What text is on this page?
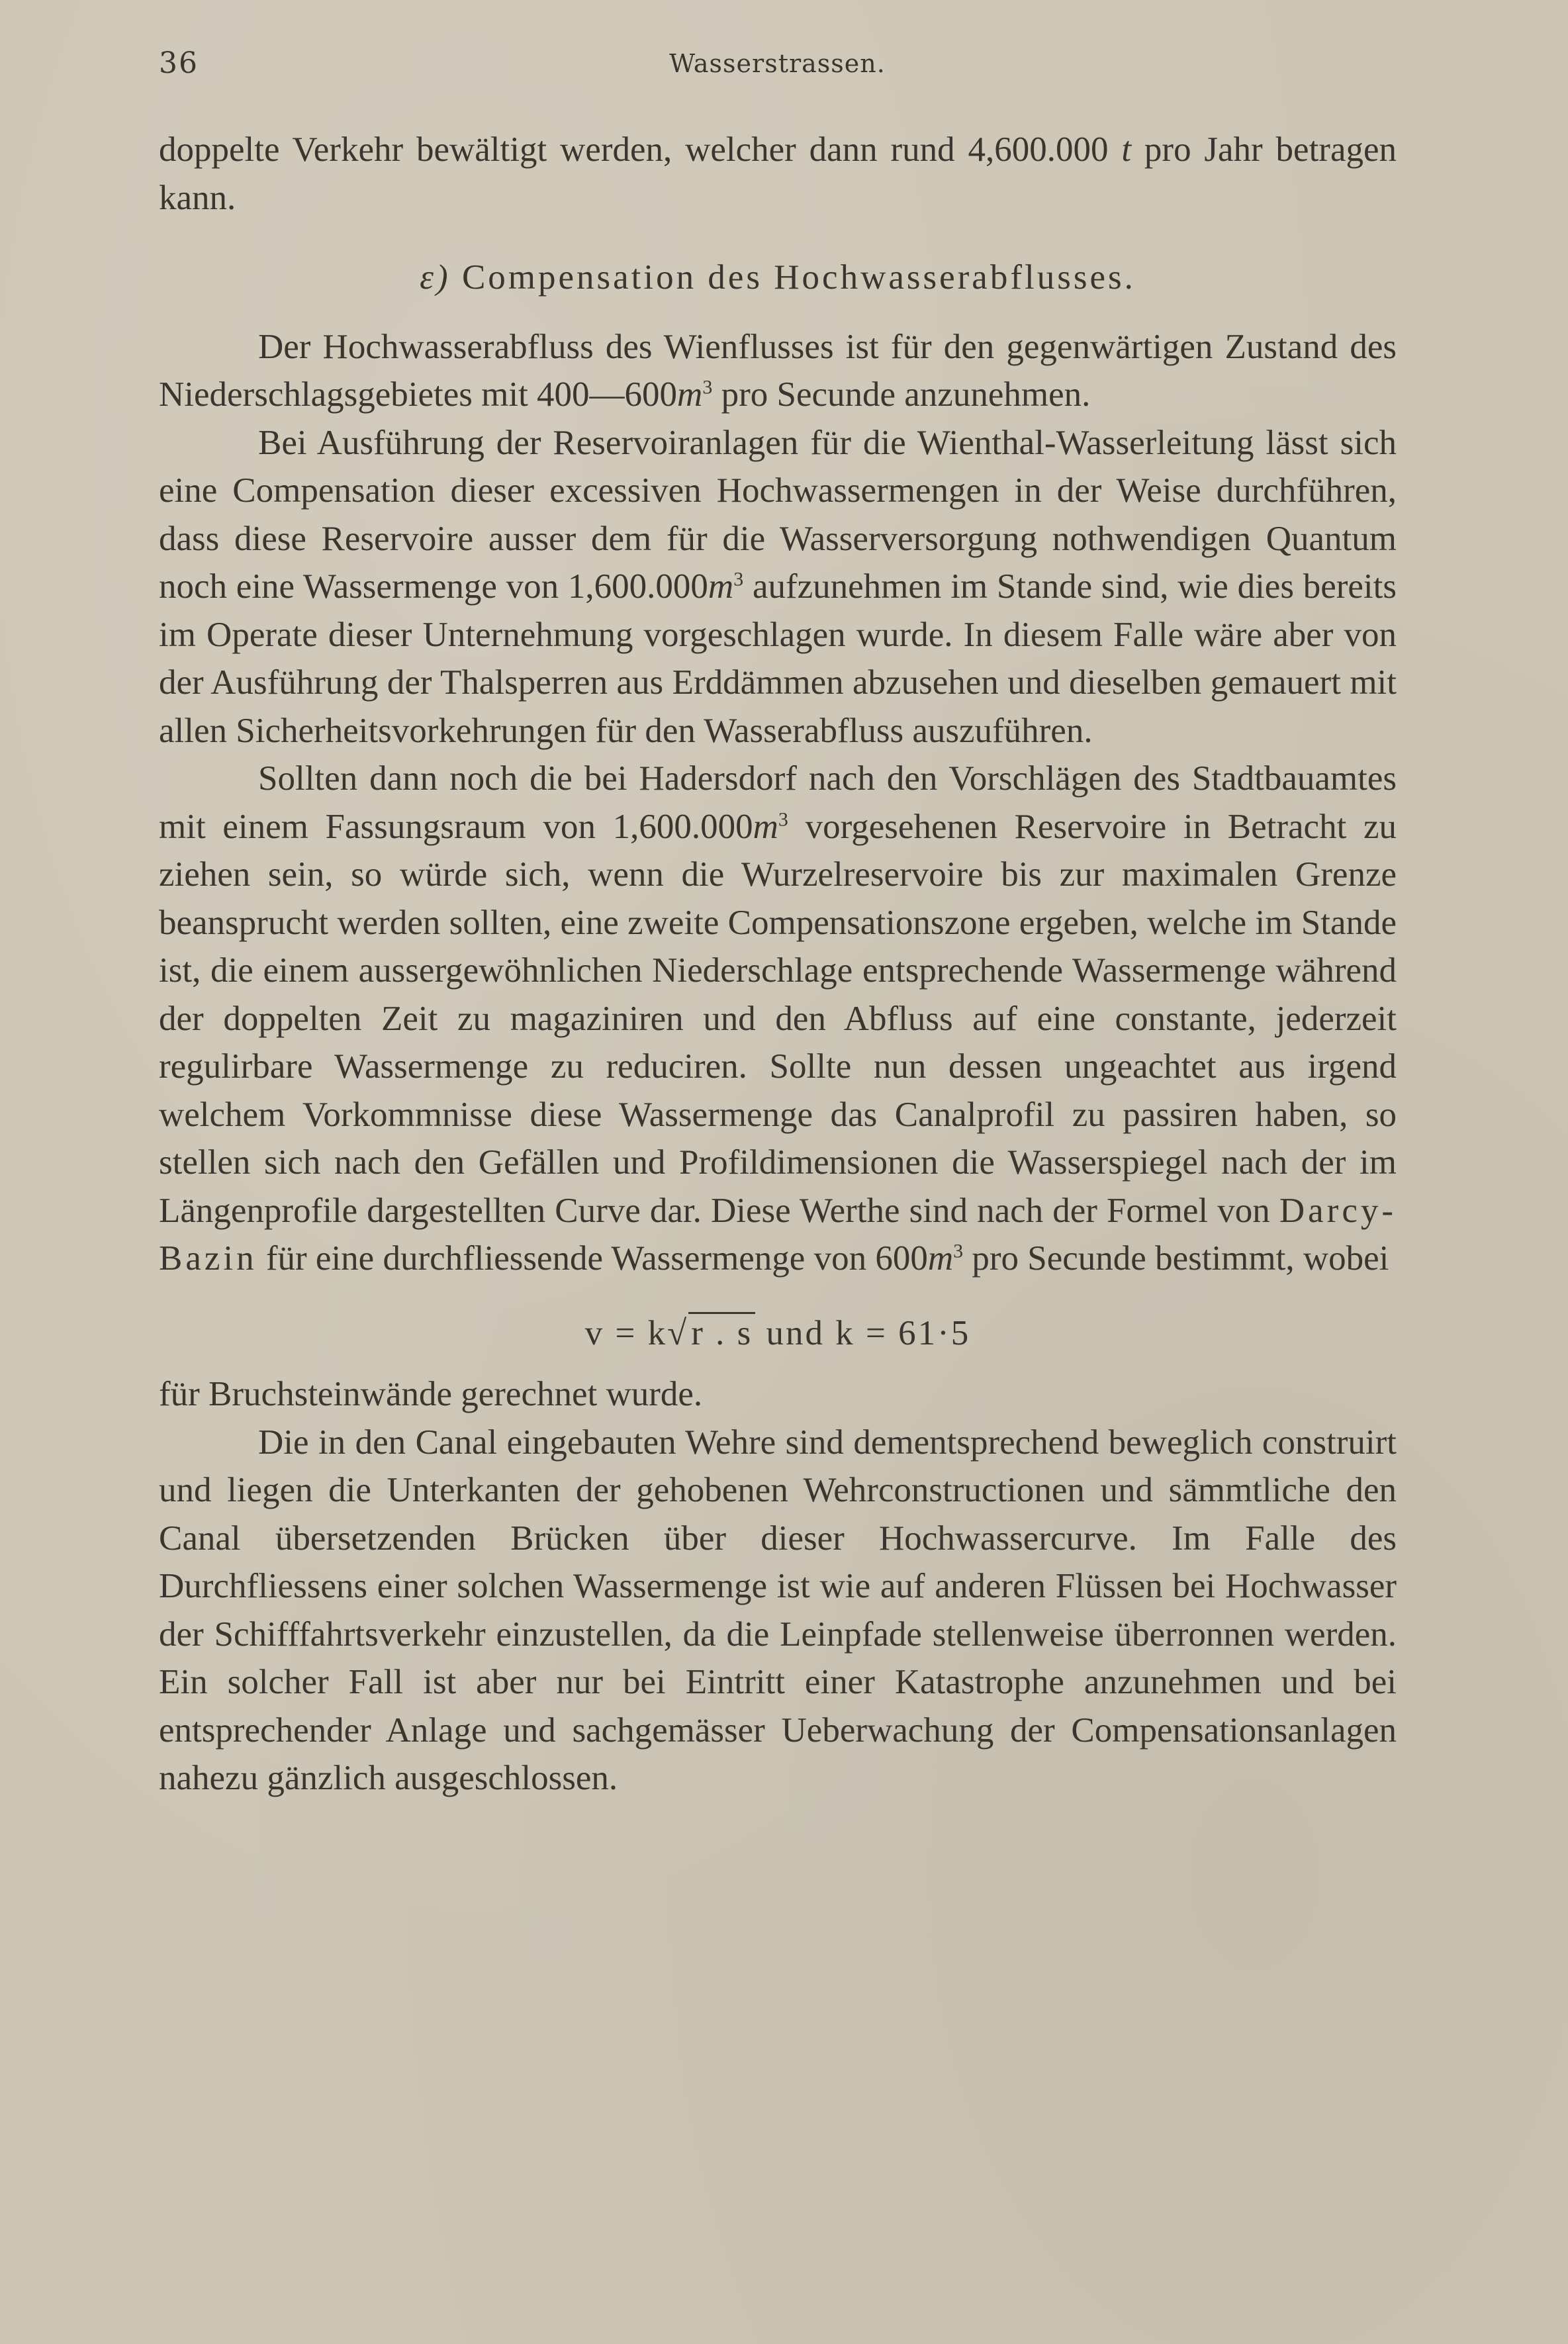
36	Wasserstrassen.

doppelte Verkehr bewältigt werden, welcher dann rund 4,600.000 t pro Jahr betragen kann.

ε) Compensation des Hochwasserabflusses.

Der Hochwasserabfluss des Wienflusses ist für den gegenwärtigen Zustand des Niederschlagsgebietes mit $400—600m^3$ pro Secunde anzunehmen.

Bei Ausführung der Reservoiranlagen für die Wienthal-Wasserleitung lässt sich eine Compensation dieser excessiven Hochwassermengen in der Weise durchführen, dass diese Reservoire ausser dem für die Wasserversorgung nothwendigen Quantum noch eine Wassermenge von $1,600.000m^3$ aufzunehmen im Stande sind, wie dies bereits im Operate dieser Unternehmung vorgeschlagen wurde. In diesem Falle wäre aber von der Ausführung der Thalsperren aus Erddämmen abzusehen und dieselben gemauert mit allen Sicherheitsvorkehrungen für den Wasserabfluss auszuführen.

Sollten dann noch die bei Hadersdorf nach den Vorschlägen des Stadtbauamtes mit einem Fassungsraum von $1,600.000m^3$ vorgesehenen Reservoire in Betracht zu ziehen sein, so würde sich, wenn die Wurzelreservoire bis zur maximalen Grenze beansprucht werden sollten, eine zweite Compensationszone ergeben, welche im Stande ist, die einem aussergewöhnlichen Niederschlage entsprechende Wassermenge während der doppelten Zeit zu magaziniren und den Abfluss auf eine constante, jederzeit regulirbare Wassermenge zu reduciren. Sollte nun dessen ungeachtet aus irgend welchem Vorkommnisse diese Wassermenge das Canalprofil zu passiren haben, so stellen sich nach den Gefällen und Profildimensionen die Wasserspiegel nach der im Längenprofile dargestellten Curve dar. Diese Werthe sind nach der Formel von Darcy-Bazin für eine durchfliessende Wassermenge von $600m^3$ pro Secunde bestimmt, wobei

v = k√r . s und k = 61·5

für Bruchsteinwände gerechnet wurde.

Die in den Canal eingebauten Wehre sind dementsprechend beweglich construirt und liegen die Unterkanten der gehobenen Wehrconstructionen und sämmtliche den Canal übersetzenden Brücken über dieser Hochwassercurve. Im Falle des Durchfliessens einer solchen Wassermenge ist wie auf anderen Flüssen bei Hochwasser der Schifffahrtsverkehr einzustellen, da die Leinpfade stellenweise überronnen werden. Ein solcher Fall ist aber nur bei Eintritt einer Katastrophe anzunehmen und bei entsprechender Anlage und sachgemässer Ueberwachung der Compensationsanlagen nahezu gänzlich ausgeschlossen.
